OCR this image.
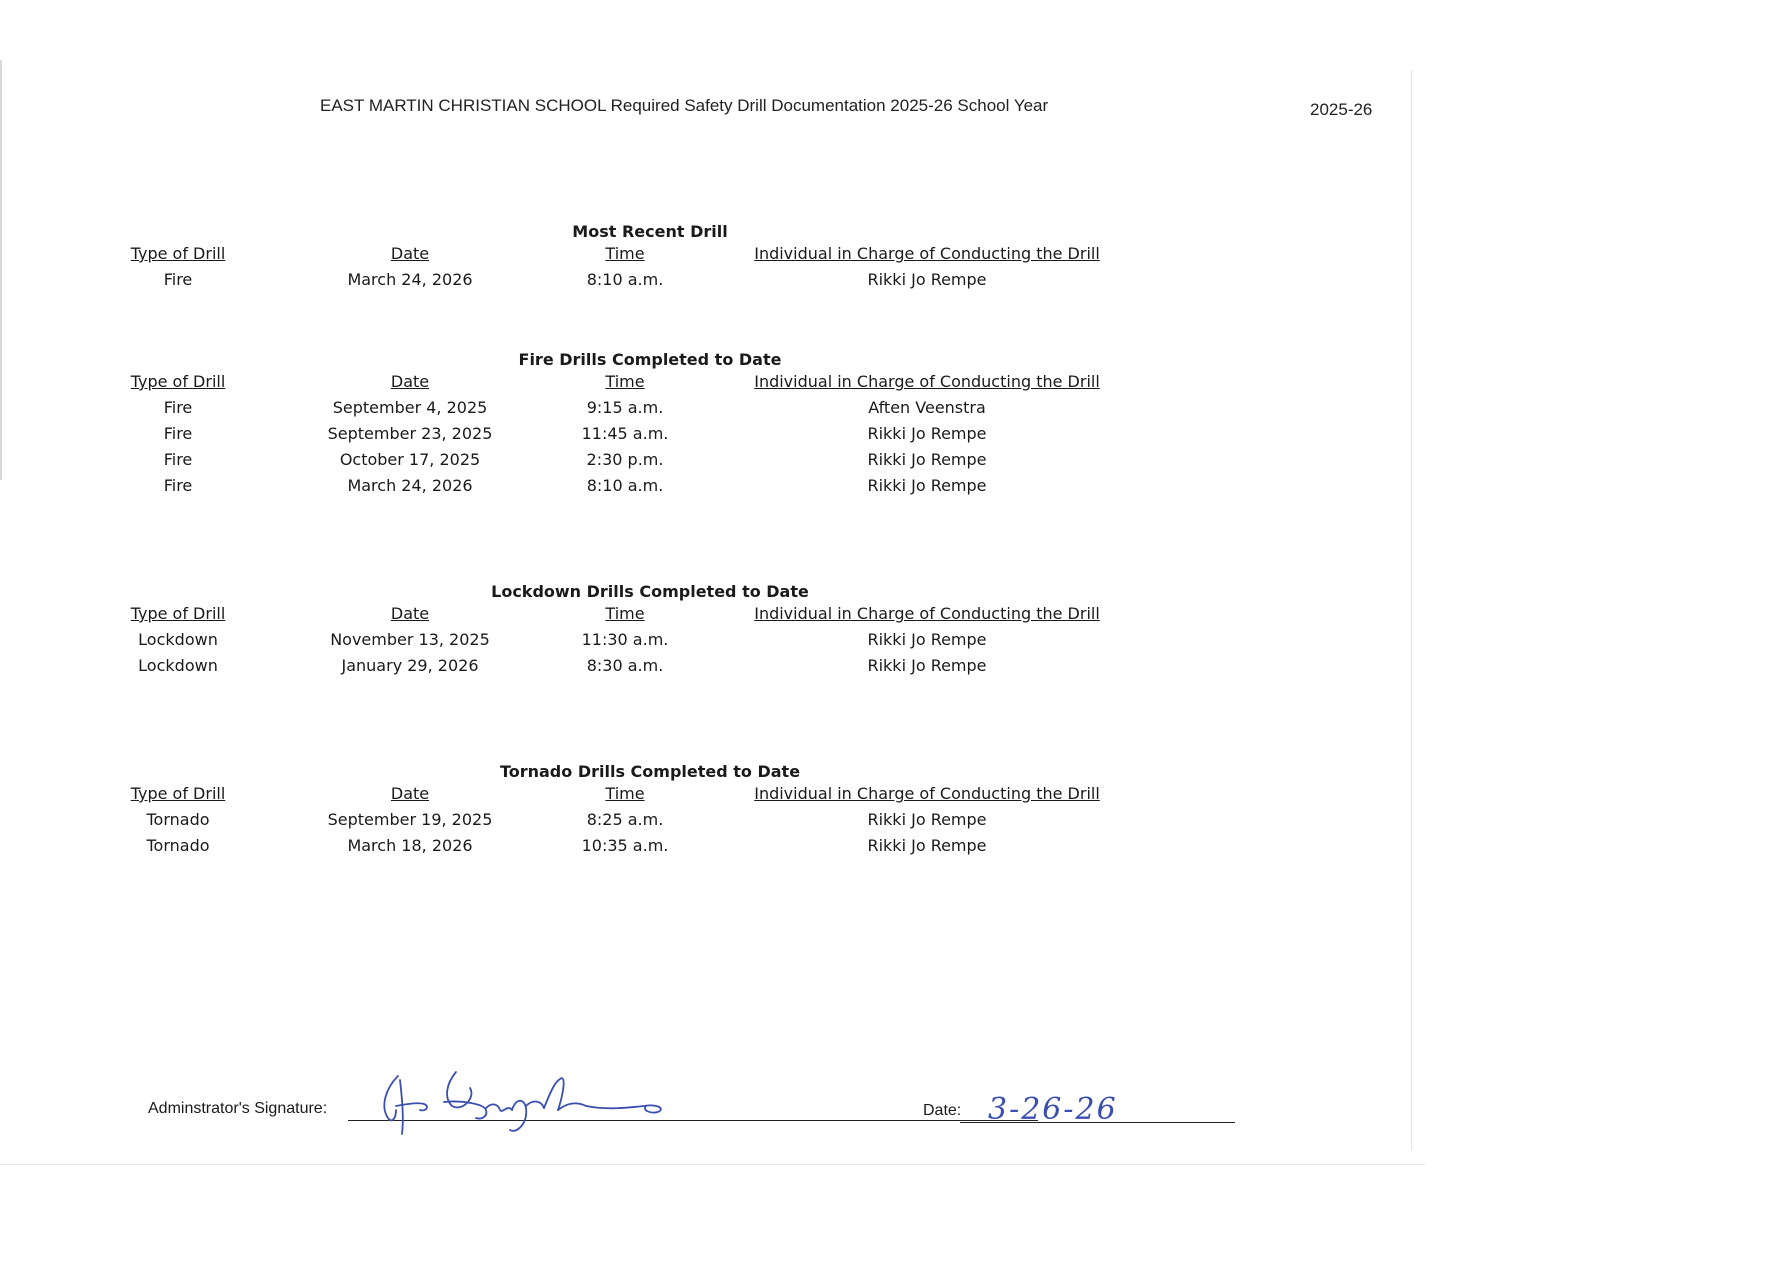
EAST MARTIN CHRISTIAN SCHOOL Required Safety Drill Documentation 2025-26 School Year	2025-26
Most Recent Drill
Type of Drill	Date	Time	Individual in Charge of Conducting the Drill
Fire	March 24, 2026	8:10 a.m.	Rikki Jo Rempe
Fire Drills Completed to Date
Type of Drill	Date	Time	Individual in Charge of Conducting the Drill
Fire	September 4, 2025	9:15 a.m.	Aften Veenstra
Fire	September 23, 2025	11:45 a.m.	Rikki Jo Rempe
Fire	October 17, 2025	2:30 p.m.	Rikki Jo Rempe
Fire	March 24, 2026	8:10 a.m.	Rikki Jo Rempe
Lockdown Drills Completed to Date
Type of Drill	Date	Time	Individual in Charge of Conducting the Drill
Lockdown	November 13, 2025	11:30 a.m.	Rikki Jo Rempe
Lockdown	January 29, 2026	8:30 a.m.	Rikki Jo Rempe
Tornado Drills Completed to Date
Type of Drill	Date	Time	Individual in Charge of Conducting the Drill
Tornado	September 19, 2025	8:25 a.m.	Rikki Jo Rempe
Tornado	March 18, 2026	10:35 a.m.	Rikki Jo Rempe
Adminstrator's Signature:	Date: 3-26-26
